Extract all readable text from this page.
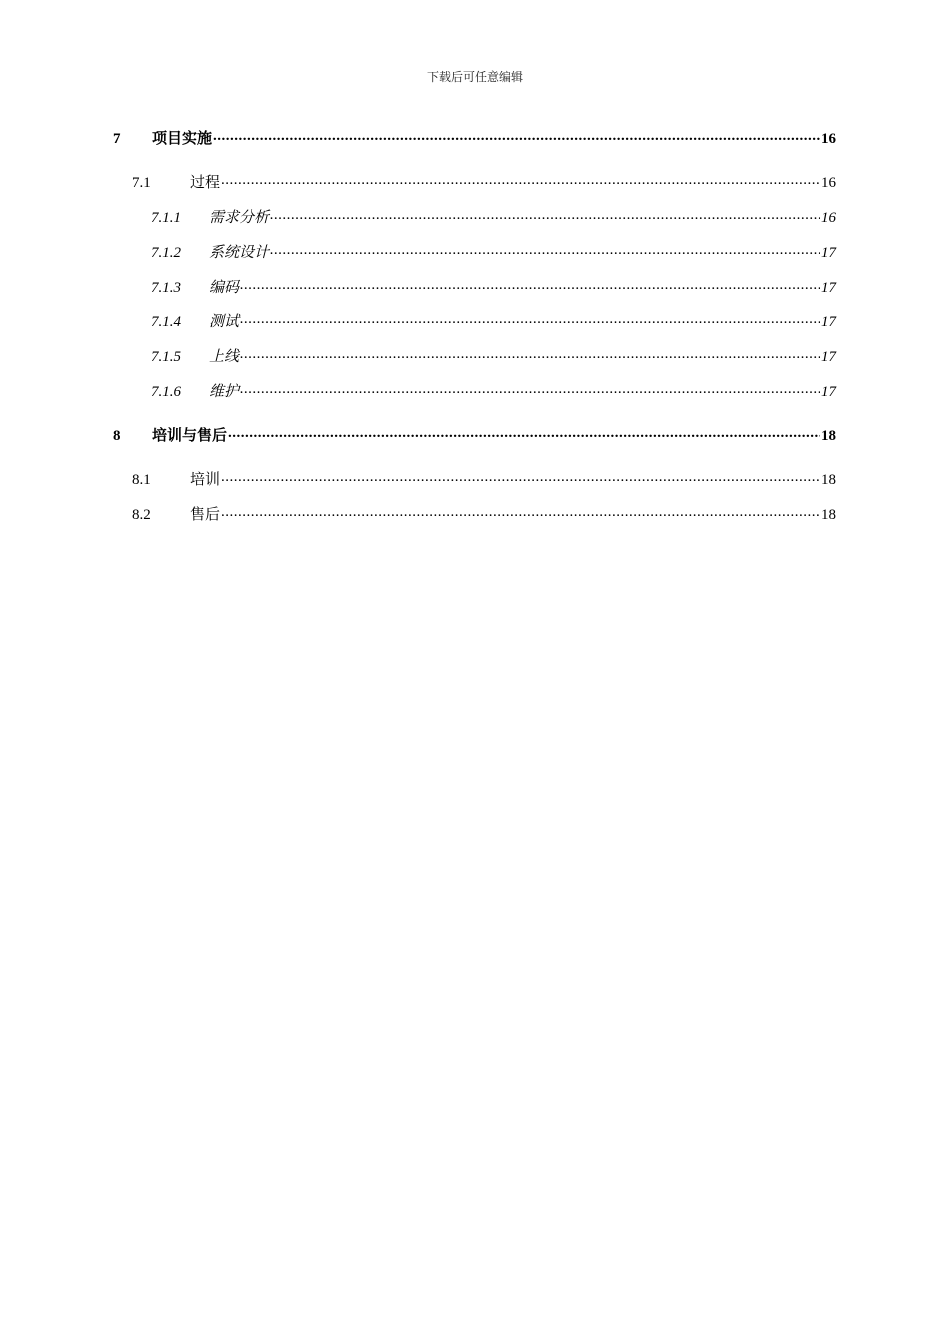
下载后可任意编辑
7	项目实施 .....	16
7.1	过程 .....	16
7.1.1	需求分析 .....	16
7.1.2	系统设计 .....	17
7.1.3	编码 .....	17
7.1.4	测试 .....	17
7.1.5	上线 .....	17
7.1.6	维护 .....	17
8	培训与售后 .....	18
8.1	培训 .....	18
8.2	售后 .....	18
